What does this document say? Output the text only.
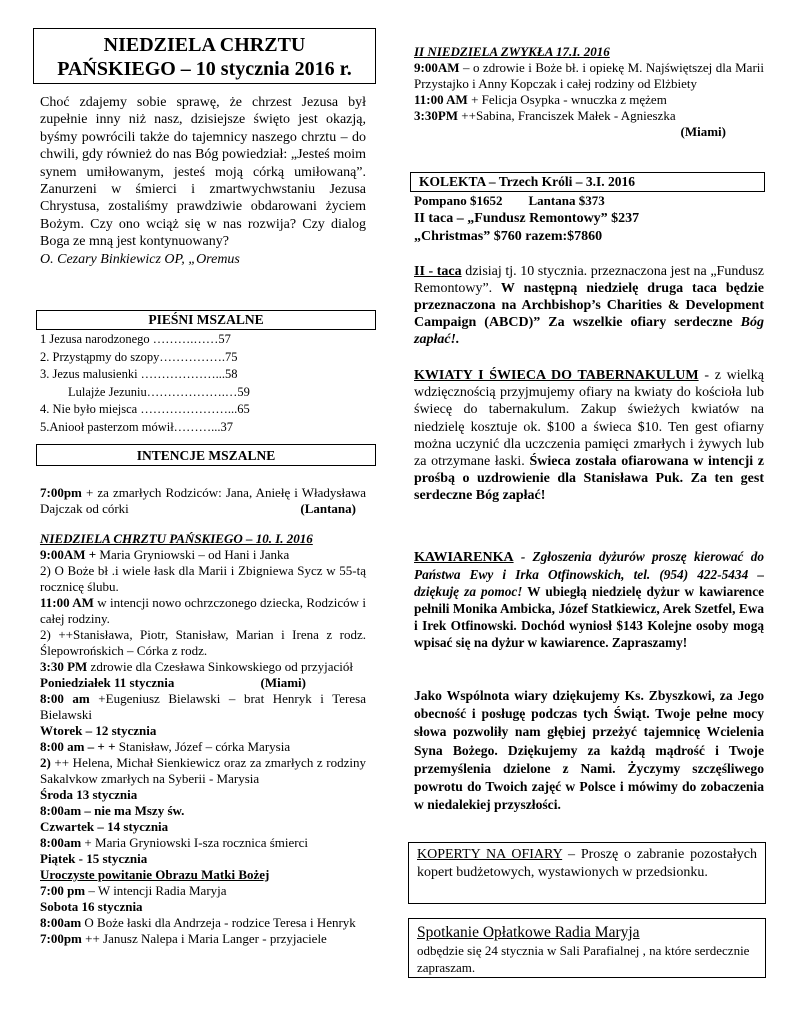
NIEDZIELA CHRZTU
PAŃSKIEGO – 10 stycznia 2016 r.
Choć zdajemy sobie sprawę, że chrzest Jezusa był zupełnie inny niż nasz, dzisiejsze święto jest okazją, byśmy powrócili także do tajemnicy naszego chrztu – do chwili, gdy również do nas Bóg powiedział: „Jesteś moim synem umiłowanym, jesteś moją córką umiłowaną”. Zanurzeni w śmierci i zmartwychwstaniu Jezusa Chrystusa, zostaliśmy prawdziwie obdarowani życiem Bożym. Czy ono wciąż się w nas rozwija? Czy dialog Boga ze mną jest kontynuowany?
O. Cezary Binkiewicz OP, „Oremus
PIEŚNI MSZALNE
1 Jezusa narodzonego ……….……57
2. Przystąpmy do szopy…………….75
3. Jezus malusienki ………………...58
Lulajże Jezuniu……………….…59
4. Nie było miejsca …………………...65
5.Aniooł pasterzom mówił………...37
INTENCJE MSZALNE
7:00pm + za zmarłych Rodziców: Jana, Aniełę i Władysława Dajczak od córki	(Lantana)
NIEDZIELA CHRZTU PAŃSKIEGO – 10. I. 2016
9:00AM + Maria Gryniowski – od Hani i Janka
2) O Boże bł .i wiele łask dla Marii i Zbigniewa Sycz w 55-tą rocznicę ślubu.
11:00 AM w intencji nowo ochrzczonego dziecka, Rodziców i całej rodziny.
2) ++Stanisława, Piotr, Stanisław, Marian i Irena z rodz. Ślepowrońskich – Córka z rodz.
3:30 PM zdrowie dla Czesława Sinkowskiego od przyjaciół
(Miami)
Poniedziałek 11 stycznia
8:00 am +Eugeniusz Bielawski – brat Henryk i Teresa Bielawski
Wtorek – 12 stycznia
8:00 am – + + Stanisław, Józef – córka Marysia
2) ++ Helena, Michał Sienkiewicz oraz za zmarłych z rodziny Sakalvkow zmarłych na Syberii - Marysia
Środa 13 stycznia
8:00am – nie ma Mszy św.
Czwartek – 14 stycznia
8:00am + Maria Gryniowski I-sza rocznica śmierci
Piątek - 15 stycznia
Uroczyste powitanie Obrazu Matki Bożej
7:00 pm – W intencji Radia Maryja
Sobota 16 stycznia
8:00am O Boże łaski dla Andrzeja - rodzice Teresa i Henryk
7:00pm ++ Janusz Nalepa i Maria Langer - przyjaciele
II NIEDZIELA ZWYKŁA 17.I. 2016
9:00AM – o zdrowie i Boże bł. i opiekę M. Najświętszej dla Marii Przystajko i Anny Kopczak i całej rodziny od Elżbiety
11:00 AM + Felicja Osypka - wnuczka z mężem
3:30PM ++Sabina, Franciszek Małek - Agnieszka
(Miami)
KOLEKTA – Trzech Króli – 3.I. 2016
Pompano $1652 Lantana $373
II taca – „Fundusz Remontowy” $237
„Christmas” $760 razem:$7860
II - taca dzisiaj tj. 10 stycznia. przeznaczona jest na „Fundusz Remontowy”. W następną niedzielę druga taca będzie przeznaczona na Archbishop’s Charities & Development Campaign (ABCD)” Za wszelkie ofiary serdeczne Bóg zapłać!.
KWIATY I ŚWIECA DO TABERNAKULUM - z wielką wdzięcznością przyjmujemy ofiary na kwiaty do kościoła lub świecę do tabernakulum. Zakup świeżych kwiatów na niedzielę kosztuje ok. $100 a świeca $10. Ten gest ofiarny można uczynić dla uczczenia pamięci zmarłych i żywych lub za otrzymane łaski. Świeca została ofiarowana w intencji z prośbą o uzdrowienie dla Stanisława Puk. Za ten gest serdeczne Bóg zapłać!
KAWIARENKA - Zgłoszenia dyżurów proszę kierować do Państwa Ewy i Irka Otfinowskich, tel. (954) 422-5434 – dziękuję za pomoc! W ubiegłą niedzielę dyżur w kawiarence pełnili Monika Ambicka, Józef Statkiewicz, Arek Szetfel, Ewa i Irek Otfinowski. Dochód wyniosł $143 Kolejne osoby mogą wpisać się na dyżur w kawiarence. Zapraszamy!
Jako Wspólnota wiary dziękujemy Ks. Zbyszkowi, za Jego obecność i posługę podczas tych Świąt. Twoje pełne mocy słowa pozwoliły nam głębiej przeżyć tajemnicę Wcielenia Syna Bożego. Dziękujemy za każdą mądrość i Twoje przemyślenia dzielone z Nami. Życzymy szczęśliwego powrotu do Twoich zajęć w Polsce i mówimy do zobaczenia w niedalekiej przyszłości.
KOPERTY NA OFIARY – Proszę o zabranie pozostałych kopert budżetowych, wystawionych w przedsionku.
Spotkanie Opłatkowe Radia Maryja
odbędzie się 24 stycznia w Sali Parafialnej , na które serdecznie zapraszam.
